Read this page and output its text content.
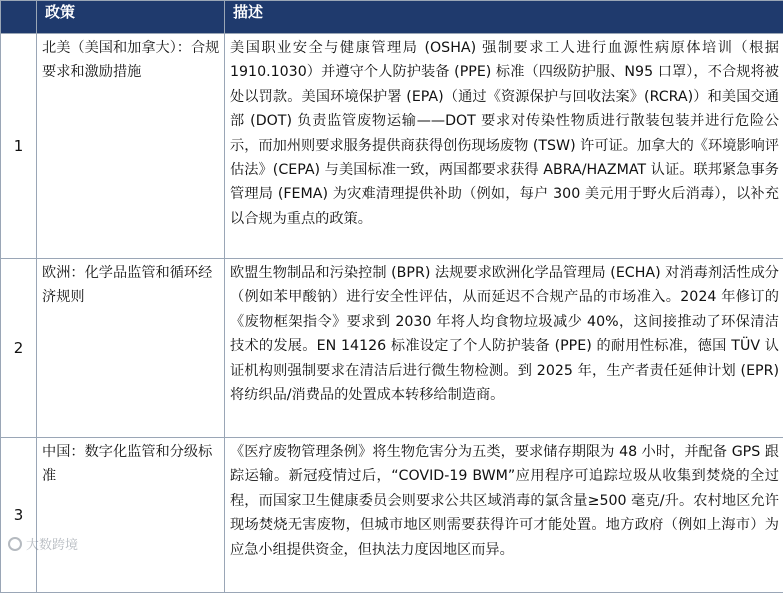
	政策	描述
1	北美（美国和加拿大）：合规要求和激励措施	美国职业安全与健康管理局 (OSHA) 强制要求工人进行血源性病原体培训（根据 1910.1030）并遵守个人防护装备 (PPE) 标准（四级防护服、N95 口罩），不合规将被处以罚款。美国环境保护署 (EPA)（通过《资源保护与回收法案》(RCRA)）和美国交通部 (DOT) 负责监管废物运输——DOT 要求对传染性物质进行散装包装并进行危险公示，而加州则要求服务提供商获得创伤现场废物 (TSW) 许可证。加拿大的《环境影响评估法》(CEPA) 与美国标准一致，两国都要求获得 ABRA/HAZMAT 认证。联邦紧急事务管理局 (FEMA) 为灾难清理提供补助（例如，每户 300 美元用于野火后消毒），以补充以合规为重点的政策。
2	欧洲：化学品监管和循环经济规则	欧盟生物制品和污染控制 (BPR) 法规要求欧洲化学品管理局 (ECHA) 对消毒剂活性成分（例如苯甲酸钠）进行安全性评估，从而延迟不合规产品的市场准入。2024 年修订的《废物框架指令》要求到 2030 年将人均食物垃圾减少 40%，这间接推动了环保清洁技术的发展。EN 14126 标准设定了个人防护装备 (PPE) 的耐用性标准，德国 TÜV 认证机构则强制要求在清洁后进行微生物检测。到 2025 年，生产者责任延伸计划 (EPR) 将纺织品/消费品的处置成本转移给制造商。
3	中国：数字化监管和分级标准	《医疗废物管理条例》将生物危害分为五类，要求储存期限为 48 小时，并配备 GPS 跟踪运输。新冠疫情过后，“COVID-19 BWM”应用程序可追踪垃圾从收集到焚烧的全过程，而国家卫生健康委员会则要求公共区域消毒的氯含量≥500 毫克/升。农村地区允许现场焚烧无害废物，但城市地区则需要获得许可才能处置。地方政府（例如上海市）为应急小组提供资金，但执法力度因地区而异。
大数跨境
